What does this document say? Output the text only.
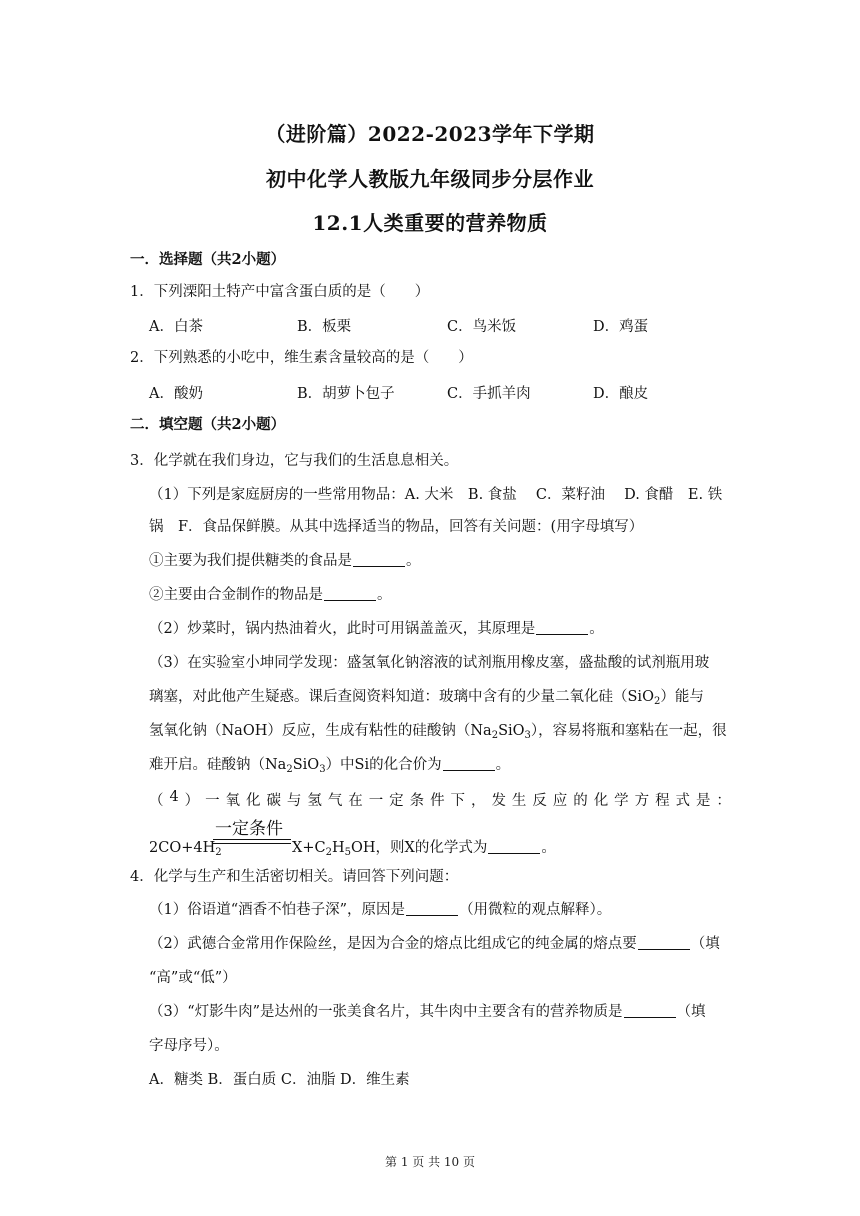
（进阶篇）2022-2023学年下学期
初中化学人教版九年级同步分层作业
12.1人类重要的营养物质
一．选择题（共2小题）
1．下列溧阳土特产中富含蛋白质的是（　　）
A．白茶	B．板栗	C．鸟米饭	D．鸡蛋
2．下列熟悉的小吃中，维生素含量较高的是（　　）
A．酸奶	B．胡萝卜包子	C．手抓羊肉	D．酿皮
二．填空题（共2小题）
3．化学就在我们身边，它与我们的生活息息相关。
（1）下列是家庭厨房的一些常用物品：A. 大米　B. 食盐　 C．菜籽油　 D. 食醋　E. 铁
锅　F．食品保鲜膜。从其中选择适当的物品，回答有关问题：(用字母填写）
①主要为我们提供糖类的食品是	。
②主要由合金制作的物品是	。
（2）炒菜时，锅内热油着火，此时可用锅盖盖灭，其原理是	。
（3）在实验室小坤同学发现：盛氢氧化钠溶液的试剂瓶用橡皮塞，盛盐酸的试剂瓶用玻
璃塞，对此他产生疑惑。课后查阅资料知道：玻璃中含有的少量二氧化硅（SiO$_2$）能与
氢氧化钠（NaOH）反应，生成有粘性的硅酸钠$(Na_2SiO_3)$，容易将瓶和塞粘在一起，很
难开启。硅酸钠$(Na_2SiO_3)$中Si的化合价为	。
（ 4 ） 一 氧 化 碳 与 氢 气 在 一 定 条 件 下 ， 发 生 反 应 的 化 学 方 程 式 是 ：
一定条件
$2CO+4H_2$	$X+C_2H_5OH$，则X的化学式为	。
4．化学与生产和生活密切相关。请回答下列问题：
（1）俗语道“酒香不怕巷子深”，原因是	（用微粒的观点解释）。
（2）武德合金常用作保险丝，是因为合金的熔点比组成它的纯金属的熔点要	（填
“高”或“低”）
（3）“灯影牛肉”是达州的一张美食名片，其牛肉中主要含有的营养物质是	（填
字母序号）。
A．糖类 B．蛋白质 C．油脂 D．维生素
第 1 页 共 10 页
